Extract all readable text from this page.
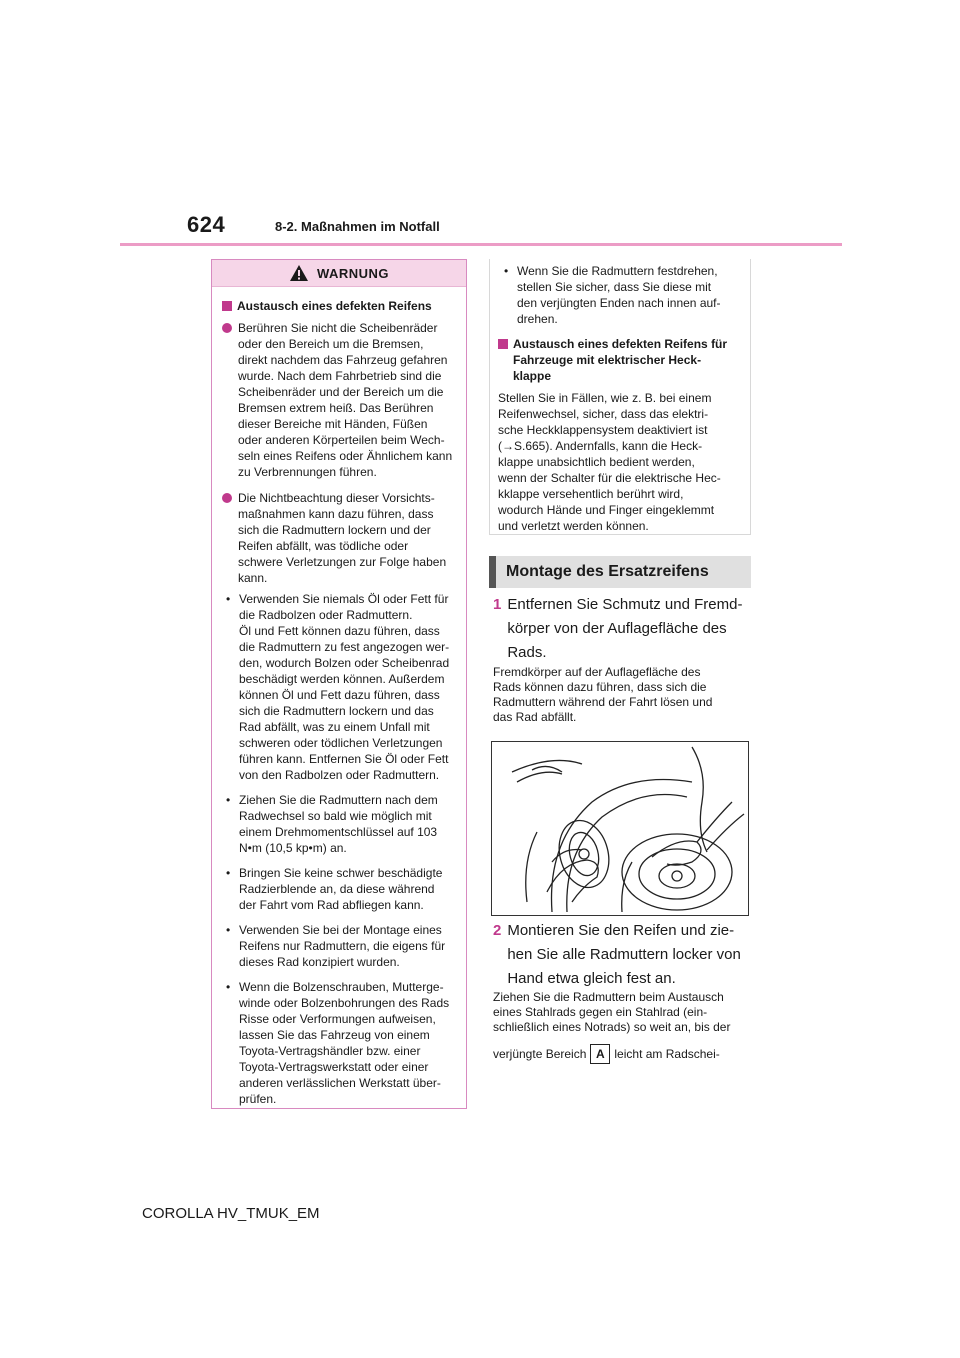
624	8-2. Maßnahmen im Notfall
WARNUNG
Austausch eines defekten Reifens
Berühren Sie nicht die Scheibenräder
oder den Bereich um die Bremsen,
direkt nachdem das Fahrzeug gefahren
wurde. Nach dem Fahrbetrieb sind die
Scheibenräder und der Bereich um die
Bremsen extrem heiß. Das Berühren
dieser Bereiche mit Händen, Füßen
oder anderen Körperteilen beim Wech-
seln eines Reifens oder Ähnlichem kann
zu Verbrennungen führen.
Die Nichtbeachtung dieser Vorsichts-
maßnahmen kann dazu führen, dass
sich die Radmuttern lockern und der
Reifen abfällt, was tödliche oder
schwere Verletzungen zur Folge haben
kann.
• Verwenden Sie niemals Öl oder Fett für
die Radbolzen oder Radmuttern.
Öl und Fett können dazu führen, dass
die Radmuttern zu fest angezogen wer-
den, wodurch Bolzen oder Scheibenrad
beschädigt werden können. Außerdem
können Öl und Fett dazu führen, dass
sich die Radmuttern lockern und das
Rad abfällt, was zu einem Unfall mit
schweren oder tödlichen Verletzungen
führen kann. Entfernen Sie Öl oder Fett
von den Radbolzen oder Radmuttern.
• Ziehen Sie die Radmuttern nach dem
Radwechsel so bald wie möglich mit
einem Drehmomentschlüssel auf 103
N•m (10,5 kp•m) an.
• Bringen Sie keine schwer beschädigte
Radzierblende an, da diese während
der Fahrt vom Rad abfliegen kann.
• Verwenden Sie bei der Montage eines
Reifens nur Radmuttern, die eigens für
dieses Rad konzipiert wurden.
• Wenn die Bolzenschrauben, Mutterge-
winde oder Bolzenbohrungen des Rads
Risse oder Verformungen aufweisen,
lassen Sie das Fahrzeug von einem
Toyota-Vertragshändler bzw. einer
Toyota-Vertragswerkstatt oder einer
anderen verlässlichen Werkstatt über-
prüfen.
• Wenn Sie die Radmuttern festdrehen,
stellen Sie sicher, dass Sie diese mit
den verjüngten Enden nach innen auf-
drehen.
Austausch eines defekten Reifens für
Fahrzeuge mit elektrischer Heck-
klappe
Stellen Sie in Fällen, wie z. B. bei einem
Reifenwechsel, sicher, dass das elektri-
sche Heckklappensystem deaktiviert ist
(→S.665). Andernfalls, kann die Heck-
klappe unabsichtlich bedient werden,
wenn der Schalter für die elektrische Hec-
kklappe versehentlich berührt wird,
wodurch Hände und Finger eingeklemmt
und verletzt werden können.
Montage des Ersatzreifens
1 Entfernen Sie Schmutz und Fremd-
körper von der Auflagefläche des
Rads.
Fremdkörper auf der Auflagefläche des
Rads können dazu führen, dass sich die
Radmuttern während der Fahrt lösen und
das Rad abfällt.
2 Montieren Sie den Reifen und zie-
hen Sie alle Radmuttern locker von
Hand etwa gleich fest an.
Ziehen Sie die Radmuttern beim Austausch
eines Stahlrads gegen ein Stahlrad (ein-
schließlich eines Notrads) so weit an, bis der
verjüngte Bereich A leicht am Radschei-
COROLLA HV_TMUK_EM
